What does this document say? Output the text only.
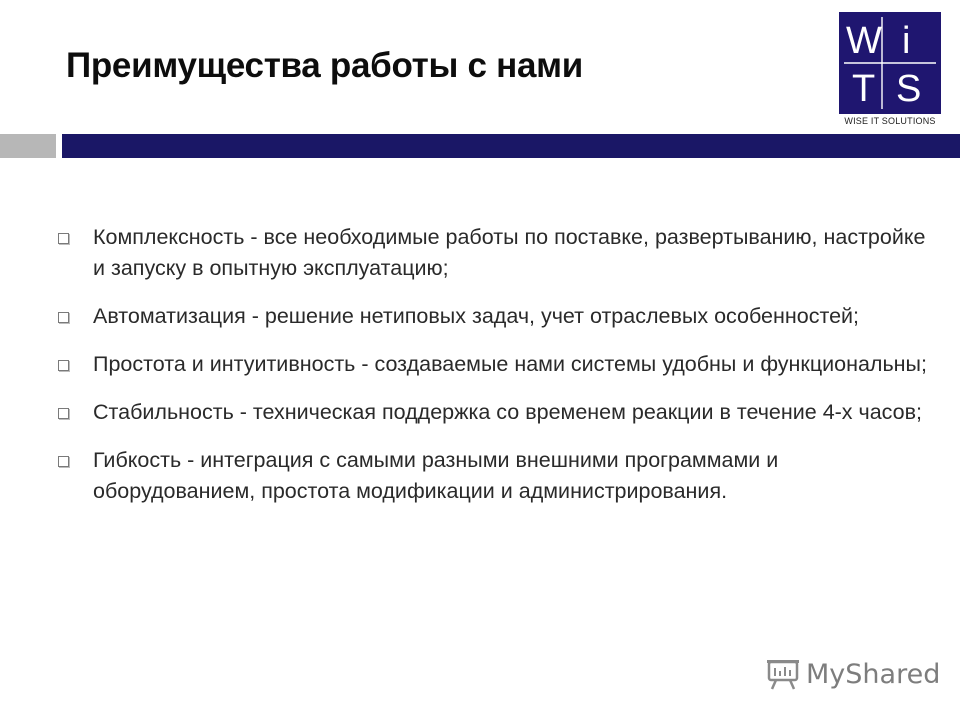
Преимущества работы с нами
W i
T S
WISE IT SOLUTIONS
Комплексность - все необходимые работы по поставке, развертыванию, настройке и запуску в опытную эксплуатацию;
Автоматизация - решение нетиповых задач, учет отраслевых особенностей;
Простота и интуитивность - создаваемые нами системы удобны и функциональны;
Стабильность - техническая поддержка со временем реакции в течение 4-х часов;
Гибкость - интеграция с самыми разными внешними программами и оборудованием, простота модификации и администрирования.
MyShared
